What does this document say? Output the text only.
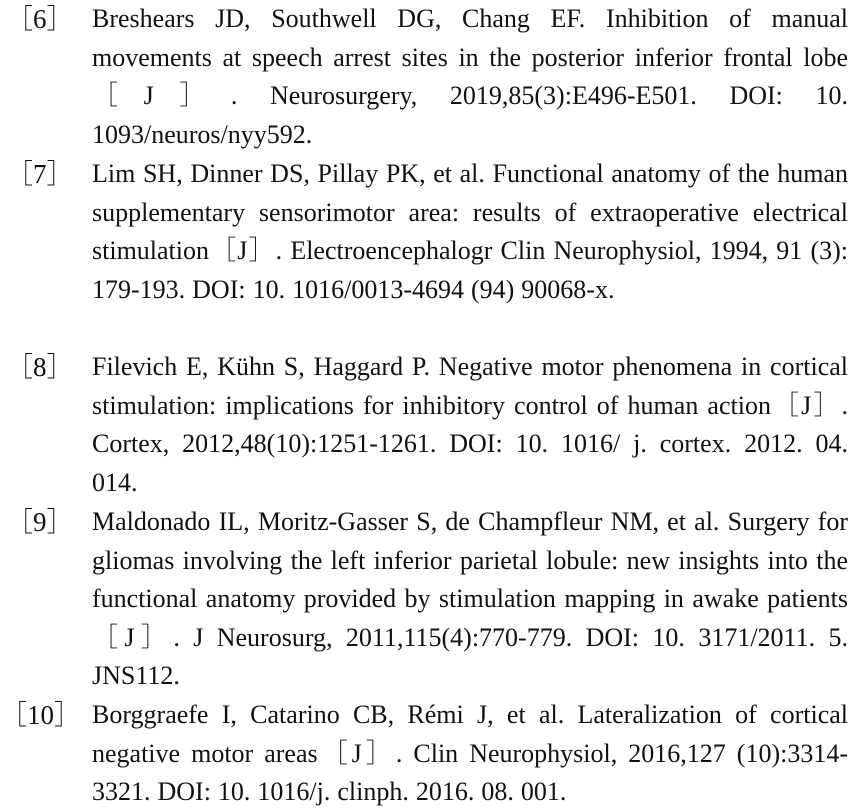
［6］ Breshears JD, Southwell DG, Chang EF. Inhibition of manual movements at speech arrest sites in the posterior inferior frontal lobe［J］. Neurosurgery, 2019,85(3):E496-E501. DOI: 10. 1093/neuros/nyy592.
［7］ Lim SH, Dinner DS, Pillay PK, et al. Functional anatomy of the human supplementary sensorimotor area: results of extraoperative electrical stimulation［J］. Electroencephalogr Clin Neurophysiol, 1994, 91 (3): 179-193. DOI: 10. 1016/0013-4694 (94) 90068-x.
［8］ Filevich E, Kühn S, Haggard P. Negative motor phenomena in cortical stimulation: implications for inhibitory control of human action［J］. Cortex, 2012,48(10):1251-1261. DOI: 10. 1016/ j. cortex. 2012. 04. 014.
［9］ Maldonado IL, Moritz-Gasser S, de Champfleur NM, et al. Surgery for gliomas involving the left inferior parietal lobule: new insights into the functional anatomy provided by stimulation mapping in awake patients［J］. J Neurosurg, 2011,115(4):770-779. DOI: 10. 3171/2011. 5. JNS112.
［10］ Borggraefe I, Catarino CB, Rémi J, et al. Lateralization of cortical negative motor areas［J］. Clin Neurophysiol, 2016,127 (10):3314-3321. DOI: 10. 1016/j. clinph. 2016. 08. 001.
